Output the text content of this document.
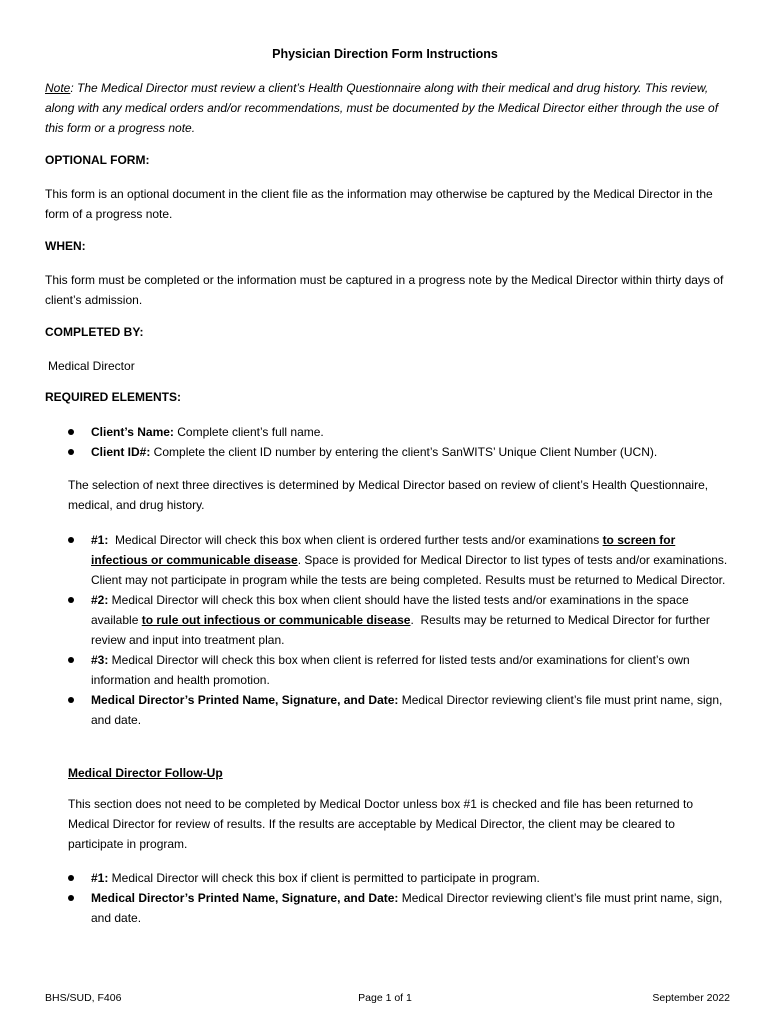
Physician Direction Form Instructions

Note: The Medical Director must review a client’s Health Questionnaire along with their medical and drug history. This review, along with any medical orders and/or recommendations, must be documented by the Medical Director either through the use of this form or a progress note.

OPTIONAL FORM:

This form is an optional document in the client file as the information may otherwise be captured by the Medical Director in the form of a progress note.

WHEN:

This form must be completed or the information must be captured in a progress note by the Medical Director within thirty days of client’s admission.

COMPLETED BY:

Medical Director

REQUIRED ELEMENTS:

Client’s Name: Complete client’s full name.
Client ID#: Complete the client ID number by entering the client’s SanWITS’ Unique Client Number (UCN).

The selection of next three directives is determined by Medical Director based on review of client’s Health Questionnaire, medical, and drug history.

#1:  Medical Director will check this box when client is ordered further tests and/or examinations to screen for infectious or communicable disease. Space is provided for Medical Director to list types of tests and/or examinations. Client may not participate in program while the tests are being completed. Results must be returned to Medical Director.
#2: Medical Director will check this box when client should have the listed tests and/or examinations in the space available to rule out infectious or communicable disease.  Results may be returned to Medical Director for further review and input into treatment plan.
#3: Medical Director will check this box when client is referred for listed tests and/or examinations for client’s own information and health promotion.
Medical Director’s Printed Name, Signature, and Date: Medical Director reviewing client’s file must print name, sign, and date.

Medical Director Follow-Up

This section does not need to be completed by Medical Doctor unless box #1 is checked and file has been returned to Medical Director for review of results. If the results are acceptable by Medical Director, the client may be cleared to participate in program.

#1: Medical Director will check this box if client is permitted to participate in program.
Medical Director’s Printed Name, Signature, and Date: Medical Director reviewing client’s file must print name, sign, and date.

BHS/SUD, F406	Page 1 of 1	September 2022
